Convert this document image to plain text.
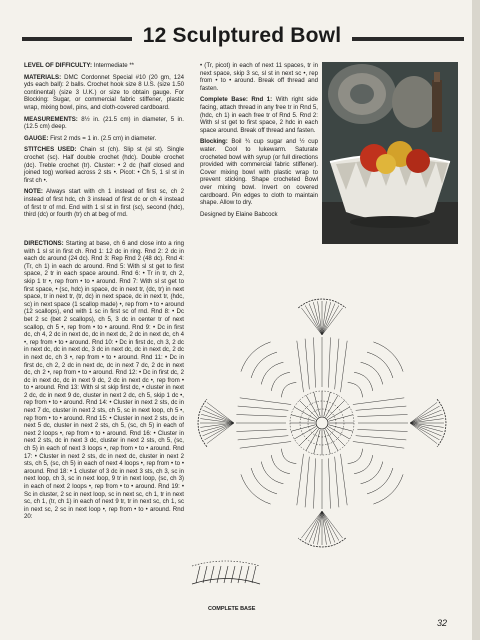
12 Sculptured Bowl

LEVEL OF DIFFICULTY: Intermediate **

MATERIALS: DMC Cordonnet Special #10 (20 gm, 124 yds each ball): 2 balls. Crochet hook size 8 U.S. (size 1.50 continental) (size 3 U.K.) or size to obtain gauge. For Blocking: Sugar, or commercial fabric stiffener, plastic wrap, mixing bowl, pins, and cloth-covered cardboard.

MEASUREMENTS: 8½ in. (21.5 cm) in diameter, 5 in. (12.5 cm) deep.

GAUGE: First 2 rnds = 1 in. (2.5 cm) in diameter.

STITCHES USED: Chain st (ch). Slip st (sl st). Single crochet (sc). Half double crochet (hdc). Double crochet (dc). Treble crochet (tr). Cluster: • 2 dc (half closed and joined tog) worked across 2 sts •. Picot: • Ch 5, 1 sl st in first ch •.

NOTE: Always start with ch 1 instead of first sc, ch 2 instead of first hdc, ch 3 instead of first dc or ch 4 instead of first tr of rnd. End with 1 sl st in first (sc), second (hdc), third (dc) or fourth (tr) ch at beg of rnd.

DIRECTIONS: Starting at base, ch 6 and close into a ring with 1 sl st in first ch. Rnd 1: 12 dc in ring. Rnd 2: 2 dc in each dc around (24 dc). Rnd 3: Rep Rnd 2 (48 dc). Rnd 4: (Tr, ch 1) in each dc around. Rnd 5: With sl st get to first space, 2 tr in each space around. Rnd 6: • Tr in tr, ch 2, skip 1 tr •, rep from • to • around. Rnd 7: With sl st get to first space, • (sc, hdc) in space, dc in next tr, (dc, tr) in next space, tr in next tr, (tr, dc) in next space, dc in next tr, (hdc, sc) in next space (1 scallop made) •, rep from • to • around (12 scallops), end with 1 sc in first sc of rnd. Rnd 8: • Dc bet 2 sc (bet 2 scallops), ch 5, 3 dc in center tr of next scallop, ch 5 •, rep from • to • around. Rnd 9: • Dc in first dc, ch 4, 2 dc in next dc, dc in next dc, 2 dc in next dc, ch 4 •, rep from • to • around. Rnd 10: • Dc in first dc, ch 3, 2 dc in next dc, dc in next dc, 3 dc in next dc, dc in next dc, 2 dc in next dc, ch 3 •, rep from • to • around. Rnd 11: • Dc in first dc, ch 2, 2 dc in next dc, dc in next 7 dc, 2 dc in next dc, ch 2 •, rep from • to • around. Rnd 12: • Dc in first dc, 2 dc in next dc, dc in next 9 dc, 2 dc in next dc •, rep from • to • around. Rnd 13: With sl st skip first dc, • cluster in next 2 dc, dc in next 9 dc, cluster in next 2 dc, ch 5, skip 1 dc •, rep from • to • around. Rnd 14: • Cluster in next 2 sts, dc in next 7 dc, cluster in next 2 sts, ch 5, sc in next loop, ch 5 •, rep from • to • around. Rnd 15: • Cluster in next 2 sts, dc in next 5 dc, cluster in next 2 sts, ch 5, (sc, ch 5) in each of next 2 loops •, rep from • to • around. Rnd 16: • Cluster in next 2 sts, dc in next 3 dc, cluster in next 2 sts, ch 5, (sc, ch 5) in each of next 3 loops •, rep from • to • around. Rnd 17: • Cluster in next 2 sts, dc in next dc, cluster in next 2 sts, ch 5, (sc, ch 5) in each of next 4 loops •, rep from • to • around. Rnd 18: • 1 cluster of 3 dc in next 3 sts, ch 3, sc in next loop, ch 3, sc in next loop, 9 tr in next loop, (sc, ch 3) in each of next 2 loops •, rep from • to • around. Rnd 19: • Sc in cluster, 2 sc in next loop, sc in next sc, ch 1, tr in next sc, ch 1, (tr, ch 1) in each of next 9 tr, tr in next sc, ch 1, sc in next sc, 2 sc in next loop •, rep from • to • around. Rnd 20:

• (Tr, picot) in each of next 11 spaces, tr in next space, skip 3 sc, sl st in next sc •, rep from • to • around. Break off thread and fasten.

Complete Base: Rnd 1: With right side facing, attach thread in any free tr in Rnd 5, (hdc, ch 1) in each free tr of Rnd 5. Rnd 2: With sl st get to first space, 2 hdc in each space around. Break off thread and fasten.

Blocking: Boil ¾ cup sugar and ½ cup water. Cool to lukewarm. Saturate crocheted bowl with syrup (or full directions provided with commercial fabric stiffener). Cover mixing bowl with plastic wrap to prevent sticking. Shape crocheted Bowl over mixing bowl. Invert on covered cardboard. Pin edges to cloth to maintain shape. Allow to dry.

Designed by Elaine Babcock

COMPLETE BASE
32
